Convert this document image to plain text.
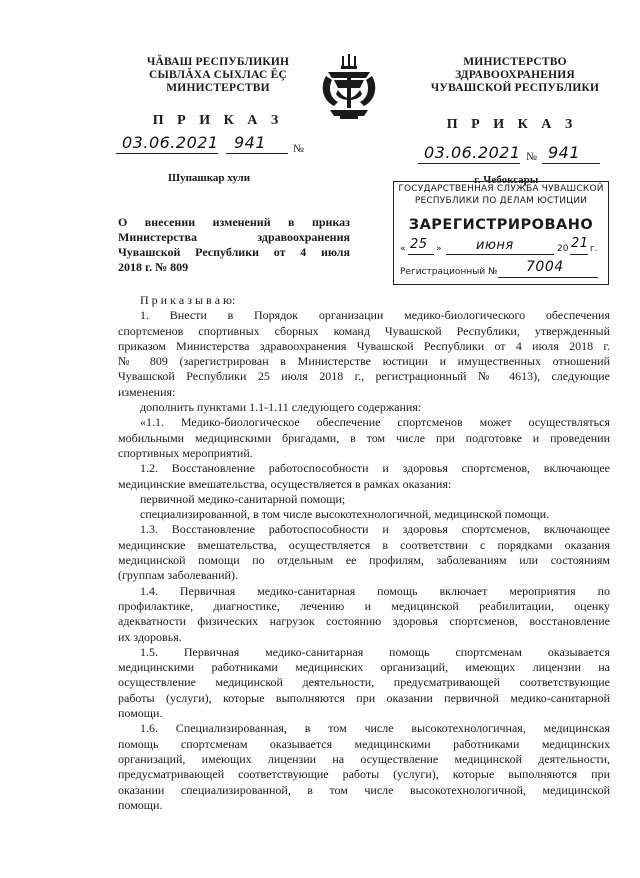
ЧĂВАШ РЕСПУБЛИКИН
СЫВЛĂХА СЫХЛАС ĔÇ
МИНИСТЕРСТВИ
П Р И К А З
03.06.2021 941 №
Шупашкар хули
МИНИСТЕРСТВО
ЗДРАВООХРАНЕНИЯ
ЧУВАШСКОЙ РЕСПУБЛИКИ
П Р И К А З
03.06.2021 № 941
г. Чебоксары
ГОСУДАРСТВЕННАЯ СЛУЖБА ЧУВАШСКОЙ
РЕСПУБЛИКИ ПО ДЕЛАМ ЮСТИЦИИ
ЗАРЕГИСТРИРОВАНО
« 25 »	июня	20 21 г.
Регистрационный № 7004
О внесении изменений в приказ
Министерства здравоохранения
Чувашской Республики от 4 июля
2018 г. № 809
П р и к а з ы в а ю:
1. Внести в Порядок организации медико-биологического обеспечения
спортсменов спортивных сборных команд Чувашской Республики, утвержденный
приказом Министерства здравоохранения Чувашской Республики от 4 июля 2018 г.
№ 809 (зарегистрирован в Министерстве юстиции и имущественных отношений
Чувашской Республики 25 июля 2018 г., регистрационный № 4613), следующие
изменения:
дополнить пунктами 1.1-1.11 следующего содержания:
«1.1. Медико-биологическое обеспечение спортсменов может осуществляться
мобильными медицинскими бригадами, в том числе при подготовке и проведении
спортивных мероприятий.
1.2. Восстановление работоспособности и здоровья спортсменов, включающее
медицинские вмешательства, осуществляется в рамках оказания:
первичной медико-санитарной помощи;
специализированной, в том числе высокотехнологичной, медицинской помощи.
1.3. Восстановление работоспособности и здоровья спортсменов, включающее
медицинские вмешательства, осуществляется в соответствии с порядками оказания
медицинской помощи по отдельным ее профилям, заболеваниям или состояниям
(группам заболеваний).
1.4. Первичная медико-санитарная помощь включает мероприятия по
профилактике, диагностике, лечению и медицинской реабилитации, оценку
адекватности физических нагрузок состоянию здоровья спортсменов, восстановление
их здоровья.
1.5. Первичная медико-санитарная помощь спортсменам оказывается
медицинскими работниками медицинских организаций, имеющих лицензии на
осуществление медицинской деятельности, предусматривающей соответствующие
работы (услуги), которые выполняются при оказании первичной медико-санитарной
помощи.
1.6. Специализированная, в том числе высокотехнологичная, медицинская
помощь спортсменам оказывается медицинскими работниками медицинских
организаций, имеющих лицензии на осуществление медицинской деятельности,
предусматривающей соответствующие работы (услуги), которые выполняются при
оказании специализированной, в том числе высокотехнологичной, медицинской
помощи.
